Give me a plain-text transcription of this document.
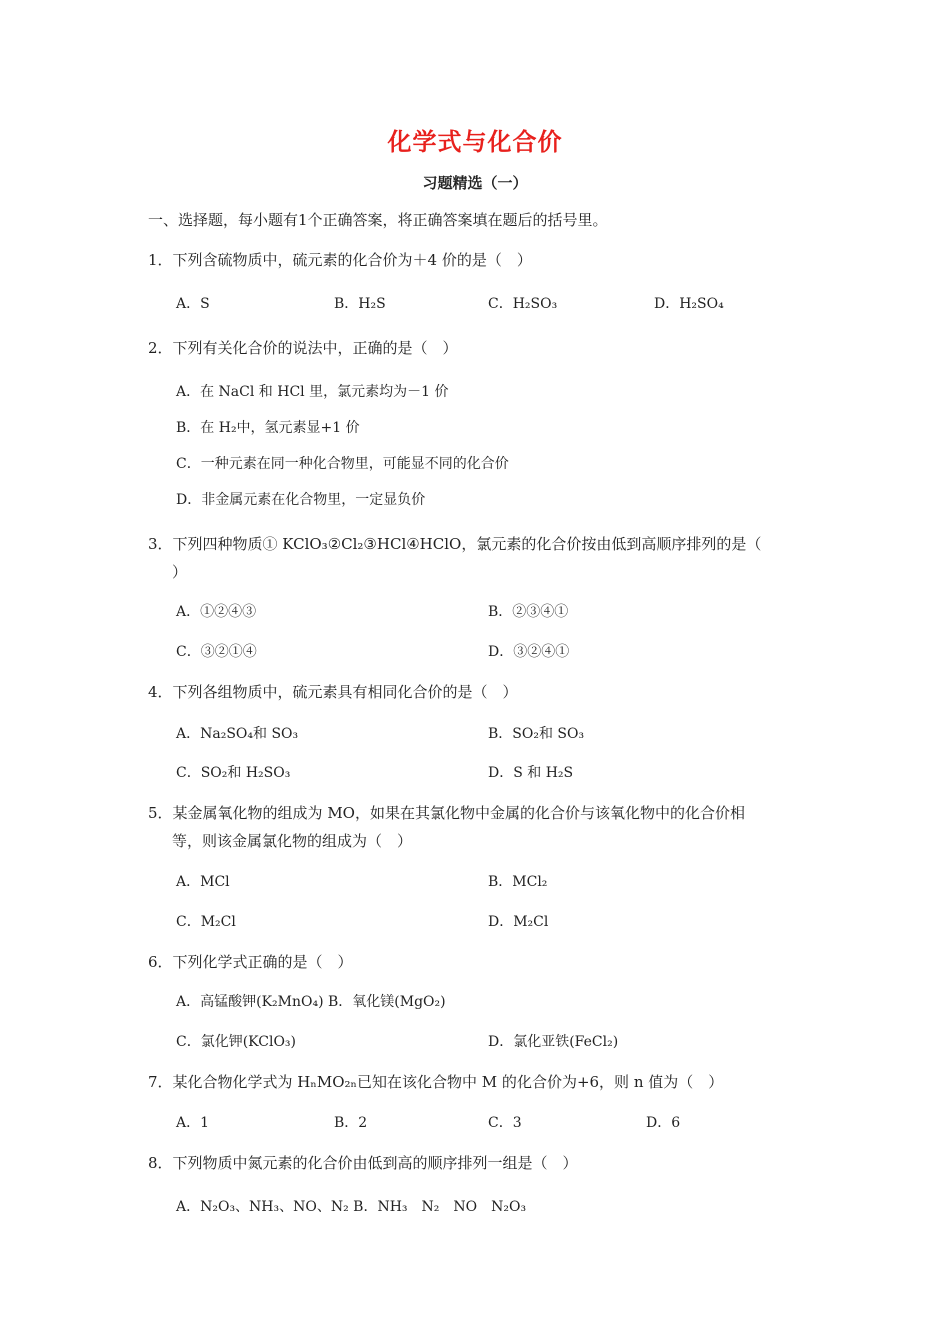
化学式与化合价
习题精选（一）
一、选择题，每小题有1个正确答案，将正确答案填在题后的括号里。
1．下列含硫物质中，硫元素的化合价为＋4 价的是（　）
A．S	B．H₂S	C．H₂SO₃	D．H₂SO₄
2．下列有关化合价的说法中，正确的是（　）
A．在 NaCl 和 HCl 里，氯元素均为－1 价
B．在 H₂中，氢元素显+1 价
C．一种元素在同一种化合物里，可能显不同的化合价
D．非金属元素在化合物里，一定显负价
3．下列四种物质① KClO₃②Cl₂③HCl④HClO，氯元素的化合价按由低到高顺序排列的是（
）
A．①②④③	B．②③④①
C．③②①④	D．③②④①
4．下列各组物质中，硫元素具有相同化合价的是（　）
A．Na₂SO₄和 SO₃	B．SO₂和 SO₃
C．SO₂和 H₂SO₃	D．S 和 H₂S
5．某金属氧化物的组成为 MO，如果在其氯化物中金属的化合价与该氧化物中的化合价相
等，则该金属氯化物的组成为（　）
A．MCl	B．MCl₂
C．M₂Cl	D．M₂Cl
6．下列化学式正确的是（　）
A．高锰酸钾(K₂MnO₄) B．氧化镁(MgO₂)
C．氯化钾(KClO₃)	D．氯化亚铁(FeCl₂)
7．某化合物化学式为 HₙMO₂ₙ已知在该化合物中 M 的化合价为+6，则 n 值为（　）
A．1	B．2	C．3	D．6
8．下列物质中氮元素的化合价由低到高的顺序排列一组是（　）
A．N₂O₃、NH₃、NO、N₂ B．NH₃　N₂　NO　N₂O₃
